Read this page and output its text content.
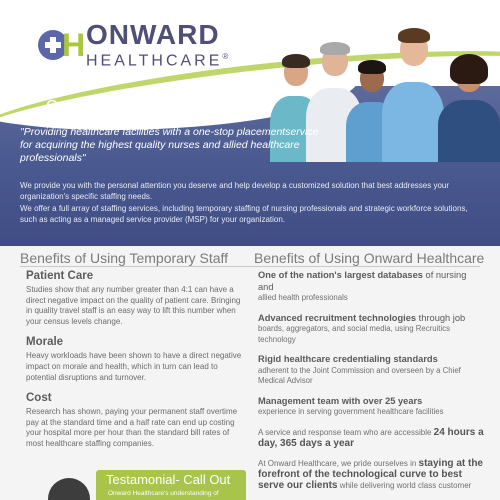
H ONWARD
HEALTHCARE®
Our Mision

"Providing healthcare facilities with a one-stop placementservice for acquiring the highest quality nurses and allied healthcare professionals"

We provide you with the personal attention you deserve and help develop a customized solution that best addresses your organization's specific staffing needs.

We offer a full array of staffing services, including temporary staffing of nursing professionals and strategic workforce solutions, such as acting as a managed service provider (MSP) for your organization.

Benefits of Using Temporary Staff Benefits of Using Onward Healthcare
Patient Care

Studies show that any number greater than 4:1 can have a direct negative impact on the quality of patient care. Bringing in quality travel staff is an easy way to lift this number when your census levels change.

Morale

Heavy workloads have been shown to have a direct negative impact on morale and health, which in turn can lead to potential disruptions and turnover.

Cost

Research has shown, paying your permanent staff overtime pay at the standard time and a half rate can end up costing your hospital more per hour than the standard bill rates of most healthcare staffing companies.

One of the nation's largest databases of nursing and
allied health professionals
Advanced recruitment technologies through job
boards, aggregators, and social media, using Recruitics technology
Rigid healthcare credentialing standards
adherent to the Joint Commission and overseen by a Chief Medical Advisor
Management team with over 25 years
experience in serving government healthcare facilities
A service and response team who are accessible 24 hours a day, 365 days a year
At Onward Healthcare, we pride ourselves in staying at the forefront of the technological curve to best serve our clients while delivering world class customer
Testamonial- Call Out
Onward Healthcare's understanding of
